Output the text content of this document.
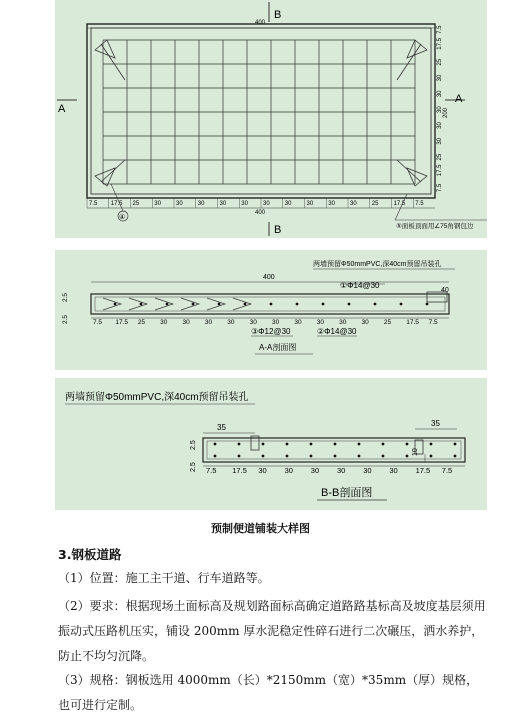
B
B
A
A
400
400
7.5 17.5 25	30	30	30	30	30	30	30	30	30	30	25	17.5 7.5
7.5
17.5
25
30
30
30
30
30
25
17.5
7.5
200
④
⑤面板顶面用∠75角钢包边
两墙预留Φ50mmPVC,深40cm预留吊装孔
400
40
2.5
2.5
①Φ14@30
③Φ12@30	②Φ14@30
7.5 17.5 25 30 30 30 30 30 30 30 30 30 30 25 17.5 7.5
A-A剖面图
两墙预留Φ50mmPVC,深40cm预留吊装孔
35	35
10
2.5
2.5 7.5 17.5 30 30 30 30 30 30 17.5 7.5
B-B剖面图
预制便道铺装大样图
3.钢板道路
（1）位置：施工主干道、行车道路等。
（2）要求：根据现场土面标高及规划路面标高确定道路路基标高及坡度基层须用振动式压路机压实，铺设 200mm 厚水泥稳定性碎石进行二次碾压，洒水养护，防止不均匀沉降。
（3）规格：钢板选用 4000mm（长）*2150mm（宽）*35mm（厚）规格，也可进行定制。
